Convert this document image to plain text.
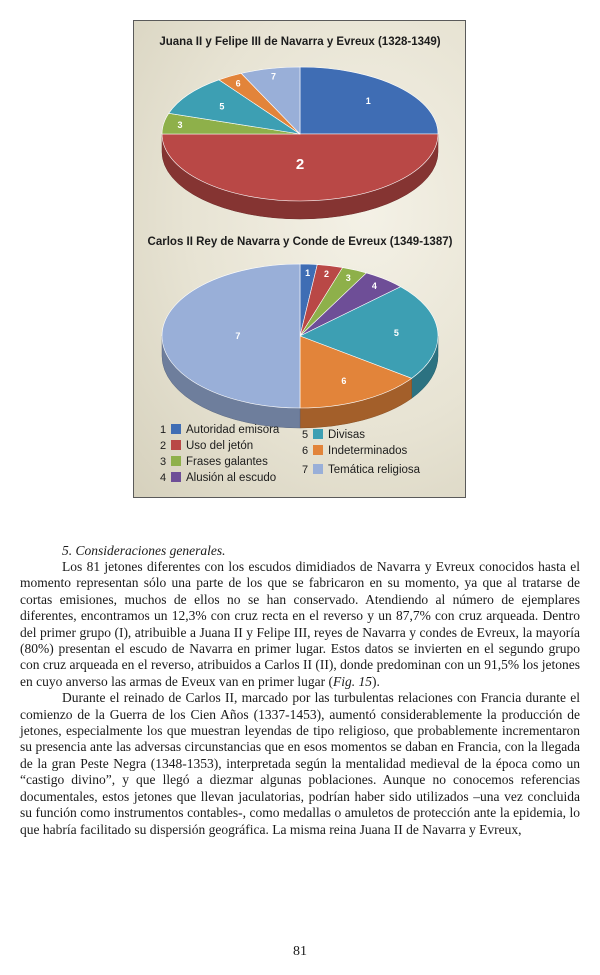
Juana II y Felipe III de Navarra y Evreux (1328-1349)
1
2
3
5
6
7
Carlos II Rey de Navarra y Conde de Evreux (1349-1387)
1 2 3
4
5
6
7
1 Autoridad emisora
2 Uso del jetón
3 Frases galantes
4 Alusión al escudo
5 Divisas
6 Indeterminados
7 Temática religiosa
5. Consideraciones generales.

Los 81 jetones diferentes con los escudos dimidiados de Navarra y Evreux conocidos hasta el momento representan sólo una parte de los que se fabricaron en su momento, ya que al tratarse de cortas emisiones, muchos de ellos no se han conservado. Atendiendo al número de ejemplares diferentes, encontramos un 12,3% con cruz recta en el reverso y un 87,7% con cruz arqueada. Dentro del primer grupo (I), atribuible a Juana II y Felipe III, reyes de Navarra y condes de Evreux, la mayoría (80%) presentan el escudo de Navarra en primer lugar. Estos datos se invierten en el segundo grupo con cruz arqueada en el reverso, atribuidos a Carlos II (II), donde predominan con un 91,5% los jetones en cuyo anverso las armas de Eveux van en primer lugar (Fig. 15).

Durante el reinado de Carlos II, marcado por las turbulentas relaciones con Francia durante el comienzo de la Guerra de los Cien Años (1337-1453), aumentó considerablemente la producción de jetones, especialmente los que muestran leyendas de tipo religioso, que probablemente incrementaron su presencia ante las adversas circunstancias que en esos momentos se daban en Francia, con la llegada de la gran Peste Negra (1348-1353), interpretada según la mentalidad medieval de la época como un “castigo divino”, y que llegó a diezmar algunas poblaciones. Aunque no conocemos referencias documentales, estos jetones que llevan jaculatorias, podrían haber sido utilizados –una vez concluida su función como instrumentos contables-, como medallas o amuletos de protección ante la epidemia, lo que habría facilitado su dispersión geográfica. La misma reina Juana II de Navarra y Evreux,

81
